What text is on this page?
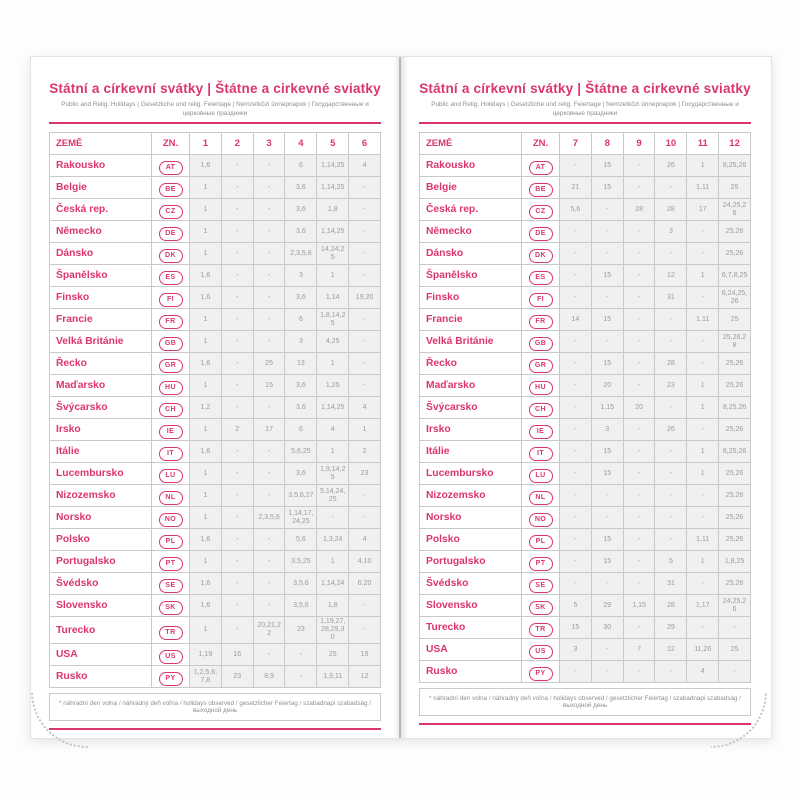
Státní a církevní svátky | Štátne a cirkevné sviatky
Public and Relig. Holidays | Gesetzliche und relig. Feiertage | Nemzetközi ünnepnapok | Государственные и церковные праздники
ZEMĚ	ZN.	1	2	3	4	5	6
Rakousko	AT	1,6	-	-	6	1,14,25	4
Belgie	BE	1	-	-	3,6	1,14,25	-
Česká rep.	CZ	1	-	-	3,6	1,8	-
Německo	DE	1	-	-	3,6	1,14,25	-
Dánsko	DK	1	-	-	2,3,5,6	14,24,25	-
Španělsko	ES	1,6	-	-	3	1	-
Finsko	FI	1,6	-	-	3,6	1,14	19,20
Francie	FR	1	-	-	6	1,8,14,25	-
Velká Británie	GB	1	-	-	3	4,25	-
Řecko	GR	1,6	-	25	13	1	-
Maďarsko	HU	1	-	15	3,6	1,25	-
Švýcarsko	CH	1,2	-	-	3,6	1,14,25	4
Irsko	IE	1	2	17	6	4	1
Itálie	IT	1,6	-	-	5,6,25	1	2
Lucembursko	LU	1	-	-	3,6	1,9,14,25	23
Nizozemsko	NL	1	-	-	3,5,6,27	5,14,24,25	-
Norsko	NO	1	-	2,3,5,6	1,14,17,24,25	-	-
Polsko	PL	1,6	-	-	5,6	1,3,24	4
Portugalsko	PT	1	-	-	3,5,25	1	4,10
Švédsko	SE	1,6	-	-	3,5,6	1,14,24	6,20
Slovensko	SK	1,6	-	-	3,5,6	1,8	-
Turecko	TR	1	-	20,21,22	23	1,19,27, 28,29,30	-
USA	US	1,19	16	-	-	25	19
Rusko	PY	1,2,5,6,7,8	23	8,9	-	1,9,11	12
* náhradní den volna / náhradný deň voľna / holidays observed / gesetzlicher Feiertag / szabadnapi szabadság / выходной день
Státní a církevní svátky | Štátne a cirkevné sviatky
Public and Relig. Holidays | Gesetzliche und relig. Feiertage | Nemzetközi ünnepnapok | Государственные и церковные праздники
ZEMĚ	ZN.	7	8	9	10	11	12
Rakousko	AT	-	15	-	26	1	8,25,26
Belgie	BE	21	15	-	-	1,11	25
Česká rep.	CZ	5,6	-	28	28	17	24,25,26
Německo	DE	-	-	-	3	-	25,26
Dánsko	DK	-	-	-	-	-	25,26
Španělsko	ES	-	15	-	12	1	6,7,8,25
Finsko	FI	-	-	-	31	-	6,24,25,26
Francie	FR	14	15	-	-	1,11	25
Velká Británie	GB	-	-	-	-	-	25,26,28
Řecko	GR	-	15	-	28	-	25,26
Maďarsko	HU	-	20	-	23	1	25,26
Švýcarsko	CH	-	1,15	20	-	1	8,25,26
Irsko	IE	-	3	-	26	-	25,26
Itálie	IT	-	15	-	-	1	8,25,26
Lucembursko	LU	-	15	-	-	1	25,26
Nizozemsko	NL	-	-	-	-	-	25,26
Norsko	NO	-	-	-	-	-	25,26
Polsko	PL	-	15	-	-	1,11	25,26
Portugalsko	PT	-	15	-	5	1	1,8,25
Švédsko	SE	-	-	-	31	-	25,26
Slovensko	SK	5	29	1,15	28	1,17	24,25,26
Turecko	TR	15	30	-	29	-	-
USA	US	3	-	7	12	11,26	25
Rusko	PY	-	-	-	-	4	-
* náhradní den volna / náhradný deň voľna / holidays observed / gesetzlicher Feiertag / szabadnapi szabadság / выходной день
